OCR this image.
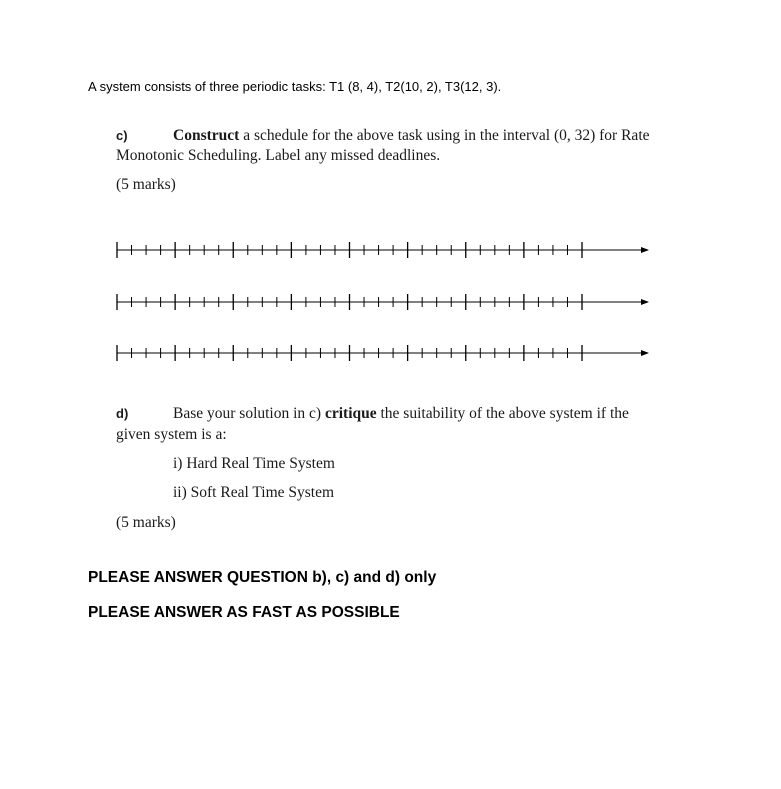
A system consists of three periodic tasks: T1 (8, 4), T2(10, 2), T3(12, 3).
c)	Construct a schedule for the above task using in the interval (0, 32) for Rate
Monotonic Scheduling. Label any missed deadlines.
(5 marks)
d)	Base your solution in c) critique the suitability of the above system if the
given system is a:
i) Hard Real Time System
ii) Soft Real Time System
(5 marks)
PLEASE ANSWER QUESTION b), c) and d) only
PLEASE ANSWER AS FAST AS POSSIBLE
